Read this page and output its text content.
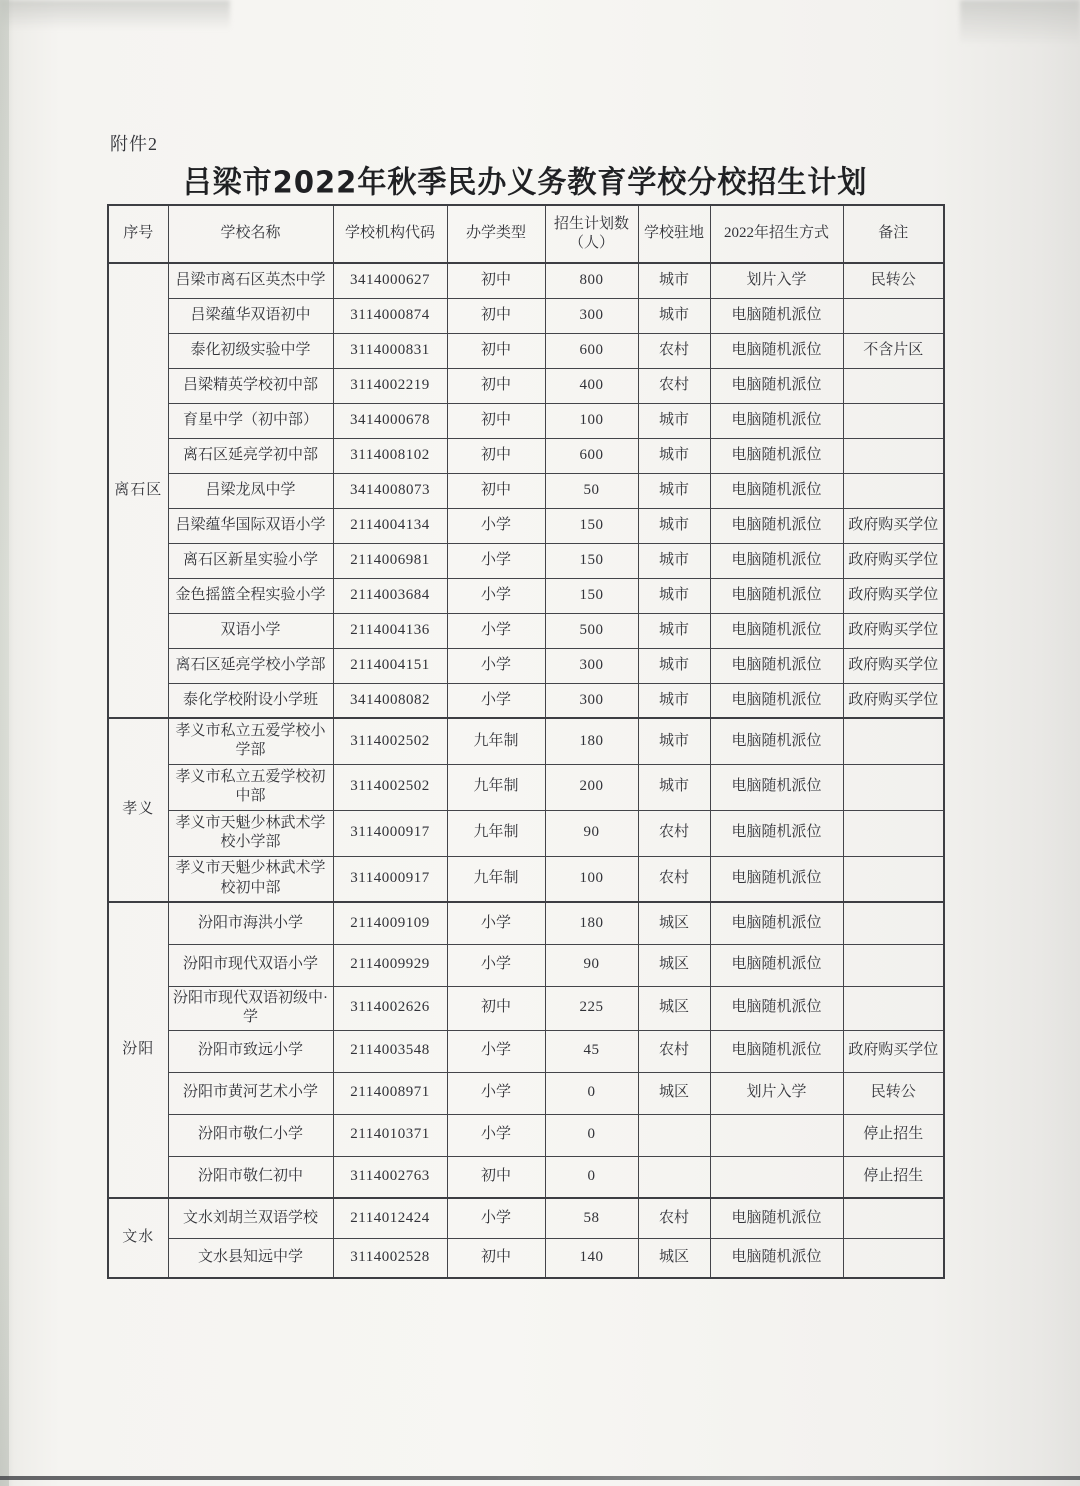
附件2
吕梁市2022年秋季民办义务教育学校分校招生计划
序号	学校名称	学校机构代码	办学类型	招生计划数（人）	学校驻地	2022年招生方式	备注
离石区	吕梁市离石区英杰中学	3414000627	初中	800	城市	划片入学	民转公
	吕梁蕴华双语初中	3114000874	初中	300	城市	电脑随机派位	
	泰化初级实验中学	3114000831	初中	600	农村	电脑随机派位	不含片区
	吕梁精英学校初中部	3114002219	初中	400	农村	电脑随机派位	
	育星中学（初中部）	3414000678	初中	100	城市	电脑随机派位	
	离石区延亮学初中部	3114008102	初中	600	城市	电脑随机派位	
	吕梁龙凤中学	3414008073	初中	50	城市	电脑随机派位	
	吕梁蕴华国际双语小学	2114004134	小学	150	城市	电脑随机派位	政府购买学位
	离石区新星实验小学	2114006981	小学	150	城市	电脑随机派位	政府购买学位
	金色摇篮全程实验小学	2114003684	小学	150	城市	电脑随机派位	政府购买学位
	双语小学	2114004136	小学	500	城市	电脑随机派位	政府购买学位
	离石区延亮学校小学部	2114004151	小学	300	城市	电脑随机派位	政府购买学位
	泰化学校附设小学班	3414008082	小学	300	城市	电脑随机派位	政府购买学位
孝义	孝义市私立五爱学校小学部	3114002502	九年制	180	城市	电脑随机派位	
	孝义市私立五爱学校初中部	3114002502	九年制	200	城市	电脑随机派位	
	孝义市天魁少林武术学校小学部	3114000917	九年制	90	农村	电脑随机派位	
	孝义市天魁少林武术学校初中部	3114000917	九年制	100	农村	电脑随机派位	
汾阳	汾阳市海洪小学	2114009109	小学	180	城区	电脑随机派位	
	汾阳市现代双语小学	2114009929	小学	90	城区	电脑随机派位	
	汾阳市现代双语初级中·学	3114002626	初中	225	城区	电脑随机派位	
	汾阳市致远小学	2114003548	小学	45	农村	电脑随机派位	政府购买学位
	汾阳市黄河艺术小学	2114008971	小学	0	城区	划片入学	民转公
	汾阳市敬仁小学	2114010371	小学	0			停止招生
	汾阳市敬仁初中	3114002763	初中	0			停止招生
文水	文水刘胡兰双语学校	2114012424	小学	58	农村	电脑随机派位	
	文水县知远中学	3114002528	初中	140	城区	电脑随机派位	
